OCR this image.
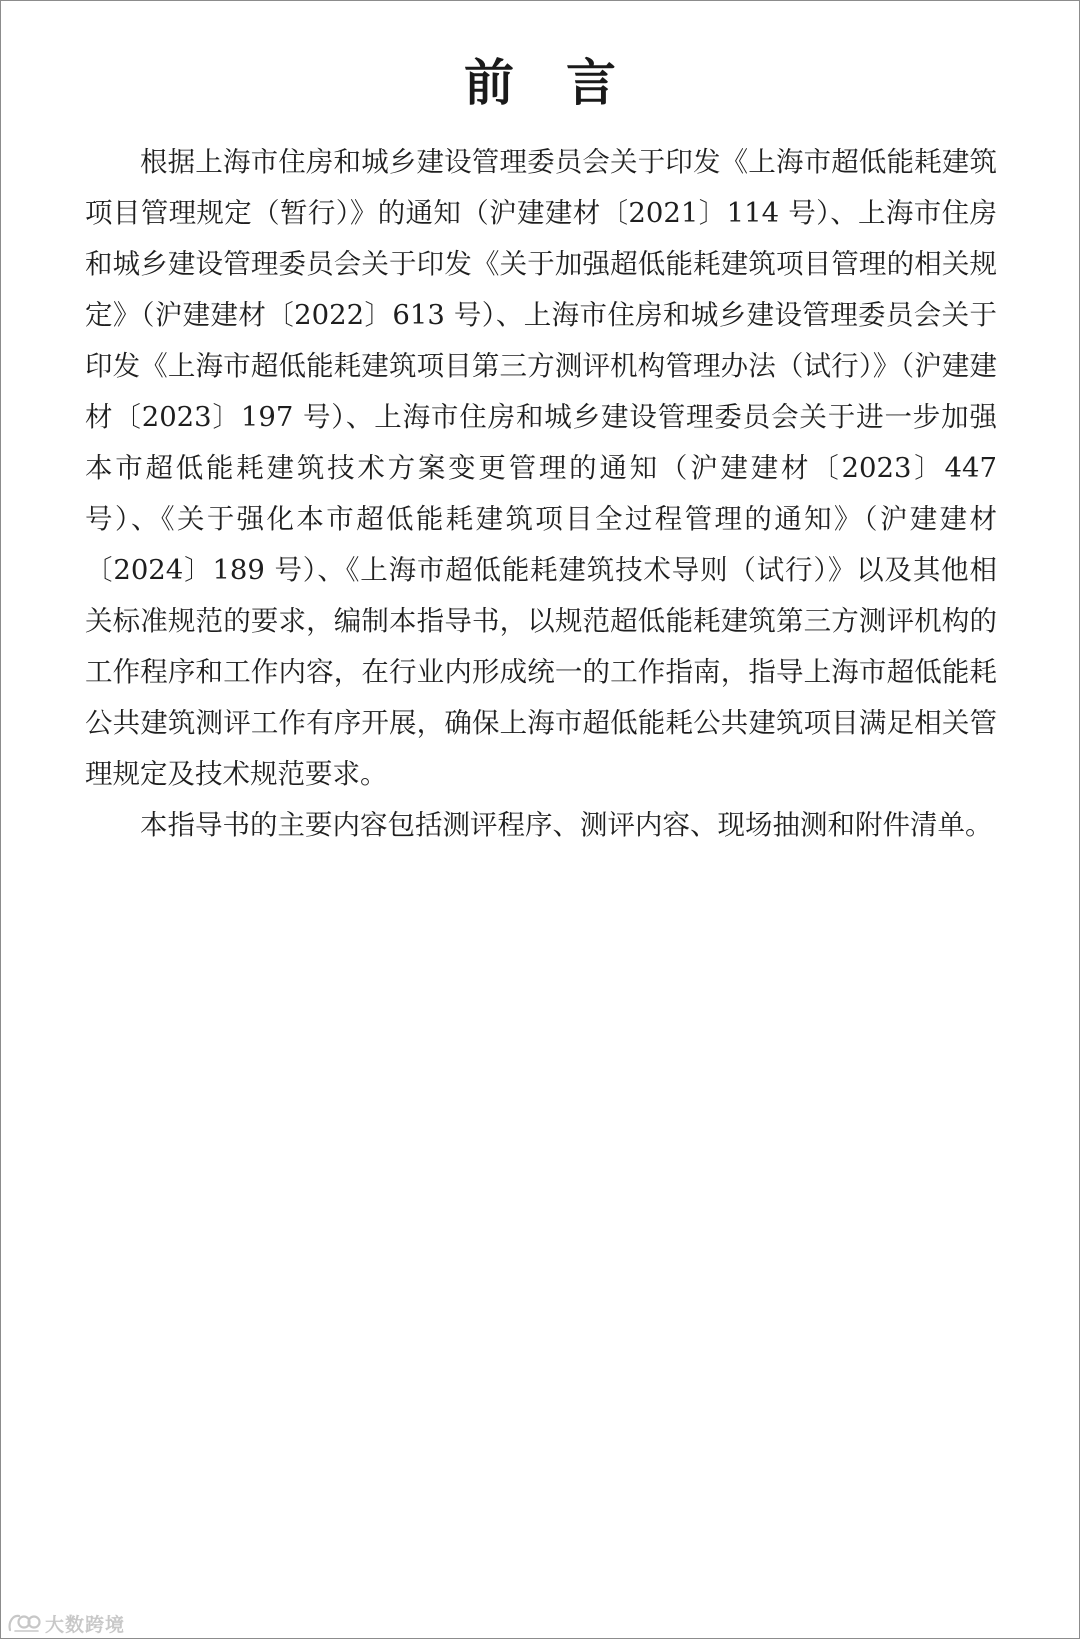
前言

根据上海市住房和城乡建设管理委员会关于印发《上海市超低能耗建筑项目管理规定（暂行）》的通知（沪建建材〔2021〕114 号）、上海市住房和城乡建设管理委员会关于印发《关于加强超低能耗建筑项目管理的相关规定》（沪建建材〔2022〕613 号）、上海市住房和城乡建设管理委员会关于印发《上海市超低能耗建筑项目第三方测评机构管理办法（试行）》（沪建建材〔2023〕197 号）、上海市住房和城乡建设管理委员会关于进一步加强本市超低能耗建筑技术方案变更管理的通知（沪建建材〔2023〕447 号）、《关于强化本市超低能耗建筑项目全过程管理的通知》（沪建建材〔2024〕189 号）、《上海市超低能耗建筑技术导则（试行）》以及其他相关标准规范的要求，编制本指导书，以规范超低能耗建筑第三方测评机构的工作程序和工作内容，在行业内形成统一的工作指南，指导上海市超低能耗公共建筑测评工作有序开展，确保上海市超低能耗公共建筑项目满足相关管理规定及技术规范要求。

本指导书的主要内容包括测评程序、测评内容、现场抽测和附件清单。

大数跨境
